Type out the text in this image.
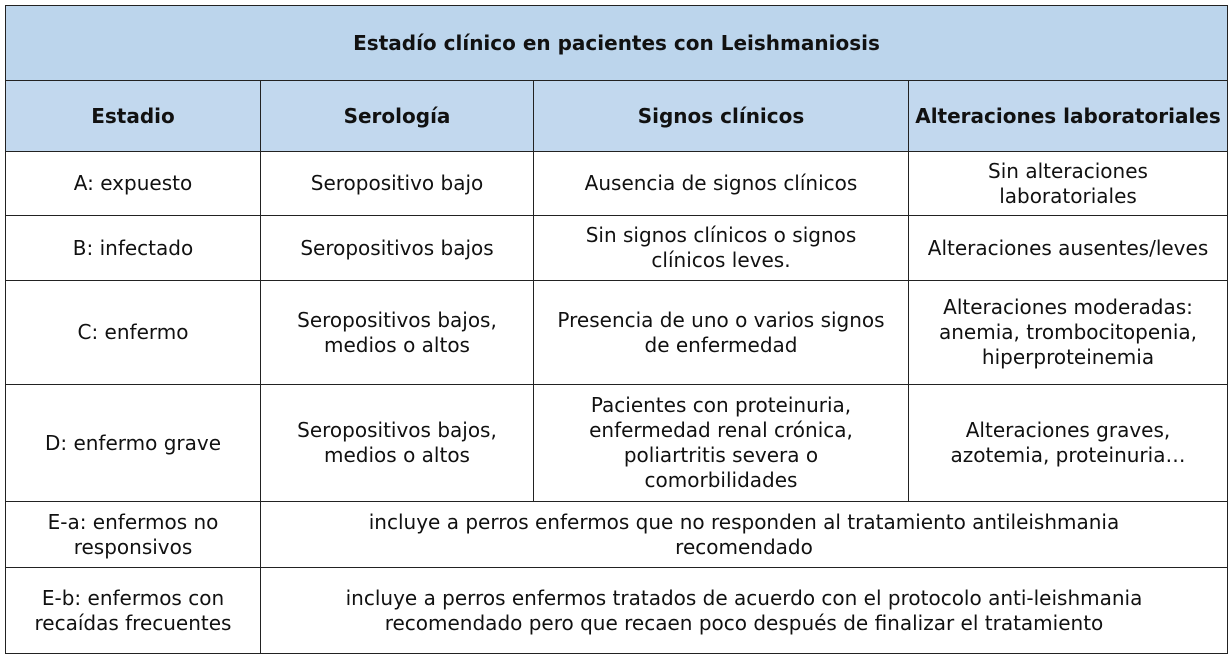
Estadío clínico en pacientes con Leishmaniosis			
Estadio	Serología	Signos clínicos	Alteraciones laboratoriales
A: expuesto	Seropositivo bajo	Ausencia de signos clínicos	Sin alteraciones laboratoriales
B: infectado	Seropositivos bajos	Sin signos clínicos o signos clínicos leves.	Alteraciones ausentes/leves
C: enfermo	Seropositivos bajos, medios o altos	Presencia de uno o varios signos de enfermedad	Alteraciones moderadas: anemia, trombocitopenia, hiperproteinemia
D: enfermo grave	Seropositivos bajos, medios o altos	Pacientes con proteinuria, enfermedad renal crónica, poliartritis severa o comorbilidades	Alteraciones graves, azotemia, proteinuria…
E-a: enfermos no responsivos	incluye a perros enfermos que no responden al tratamiento antileishmania recomendado		
E-b: enfermos con recaídas frecuentes	incluye a perros enfermos tratados de acuerdo con el protocolo anti-leishmania recomendado pero que recaen poco después de finalizar el tratamiento		
